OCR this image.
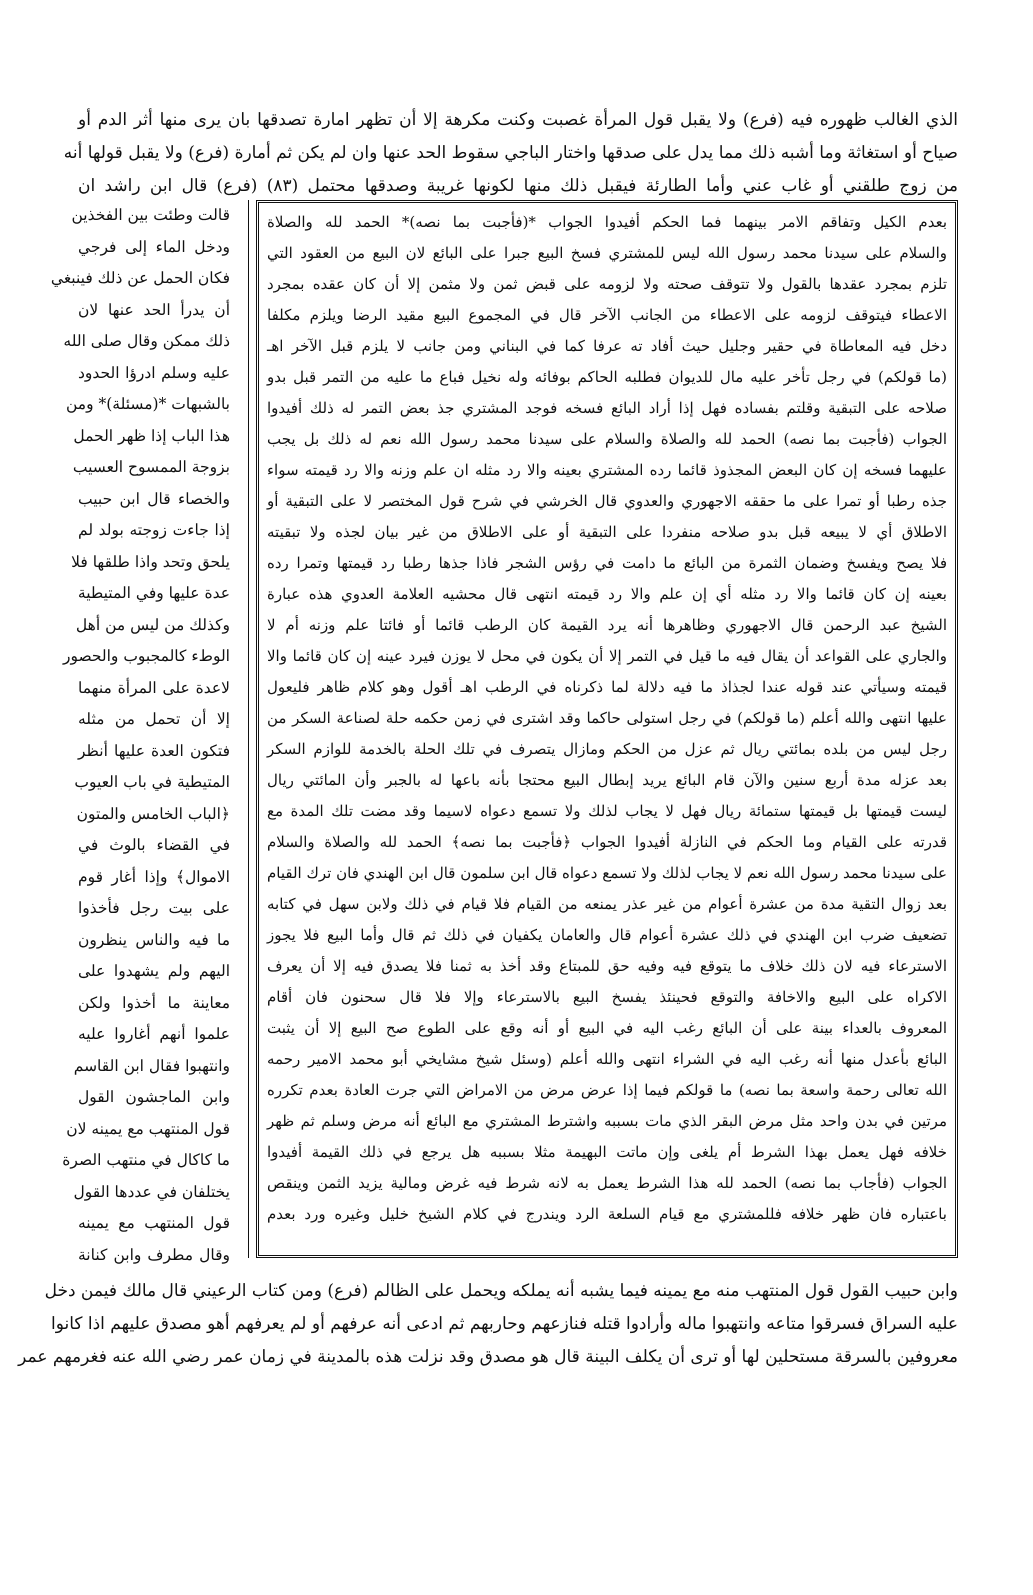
الذي الغالب ظهوره فيه (فرع) ولا يقبل قول المرأة غصبت وكنت مكرهة إلا أن تظهر امارة تصدقها بان يرى منها أثر الدم أو
صياح أو استغاثة وما أشبه ذلك مما يدل على صدقها واختار الباجي سقوط الحد عنها وان لم يكن ثم أمارة (فرع) ولا يقبل قولها أنه
من زوج طلقني أو غاب عني وأما الطارئة فيقبل ذلك منها لكونها غريبة وصدقها محتمل (٨٣) (فرع) قال ابن راشد ان
قالت وطئت بين الفخذين
ودخل الماء إلى فرجي
فكان الحمل عن ذلك فينبغي
أن يدرأ الحد عنها لان
ذلك ممكن وقال صلى الله
عليه وسلم ادرؤا الحدود
بالشبهات *(مسئلة)* ومن
هذا الباب إذا ظهر الحمل
بزوجة الممسوح العسيب
والخصاء قال ابن حبيب
إذا جاءت زوجته بولد لم
يلحق وتحد واذا طلقها فلا
عدة عليها وفي المتيطية
وكذلك من ليس من أهل
الوطء كالمجبوب والحصور
لاعدة على المرأة منهما
إلا أن تحمل من مثله
فتكون العدة عليها أنظر
المتيطية في باب العيوب
﴿الباب الخامس والمتون
في القضاء بالوث في
الاموال﴾ وإذا أغار قوم
على بيت رجل فأخذوا
ما فيه والناس ينظرون
اليهم ولم يشهدوا على
معاينة ما أخذوا ولكن
علموا أنهم أغاروا عليه
وانتهبوا فقال ابن القاسم
وابن الماجشون القول
قول المنتهب مع يمينه لان
ما كاكال في منتهب الصرة
يختلفان في عددها القول
قول المنتهب مع يمينه
وقال مطرف وابن كنانة
بعدم الكيل وتفاقم الامر بينهما فما الحكم أفيدوا الجواب *(فأجبت بما نصه)* الحمد لله والصلاة
والسلام على سيدنا محمد رسول الله ليس للمشتري فسخ البيع جبرا على البائع لان البيع من العقود التي
تلزم بمجرد عقدها بالقول ولا تتوقف صحته ولا لزومه على قبض ثمن ولا مثمن إلا أن كان عقده بمجرد
الاعطاء فيتوقف لزومه على الاعطاء من الجانب الآخر قال في المجموع البيع مقيد الرضا ويلزم مكلفا
دخل فيه المعاطاة في حقير وجليل حيث أفاد ته عرفا كما في البناني ومن جانب لا يلزم قبل الآخر اهـ
(ما قولكم) في رجل تأخر عليه مال للديوان فطلبه الحاكم بوفائه وله نخيل فباع ما عليه من التمر قبل بدو
صلاحه على التبقية وقلتم بفساده فهل إذا أراد البائع فسخه فوجد المشتري جذ بعض التمر له ذلك أفيدوا
الجواب (فأجبت بما نصه) الحمد لله والصلاة والسلام على سيدنا محمد رسول الله نعم له ذلك بل يجب
عليهما فسخه إن كان البعض المجذوذ قائما رده المشتري بعينه والا رد مثله ان علم وزنه والا رد قيمته سواء
جذه رطبا أو تمرا على ما حققه الاجهوري والعدوي قال الخرشي في شرح قول المختصر لا على التبقية أو
الاطلاق أي لا يبيعه قبل بدو صلاحه منفردا على التبقية أو على الاطلاق من غير بيان لجذه ولا تبقيته
فلا يصح ويفسخ وضمان الثمرة من البائع ما دامت في رؤس الشجر فاذا جذها رطبا رد قيمتها وتمرا رده
بعينه إن كان قائما والا رد مثله أي إن علم والا رد قيمته انتهى قال محشيه العلامة العدوي هذه عبارة
الشيخ عبد الرحمن قال الاجهوري وظاهرها أنه يرد القيمة كان الرطب قائما أو فائتا علم وزنه أم لا
والجاري على القواعد أن يقال فيه ما قيل في التمر إلا أن يكون في محل لا يوزن فيرد عينه إن كان قائما والا
قيمته وسيأتي عند قوله عندا لجذاذ ما فيه دلالة لما ذكرناه في الرطب اهـ أقول وهو كلام ظاهر فليعول
عليها انتهى والله أعلم (ما قولكم) في رجل استولى حاكما وقد اشترى في زمن حكمه حلة لصناعة السكر من
رجل ليس من بلده بمائتي ريال ثم عزل من الحكم ومازال يتصرف في تلك الحلة بالخدمة للوازم السكر
بعد عزله مدة أربع سنين والآن قام البائع يريد إبطال البيع محتجا بأنه باعها له بالجبر وأن المائتي ريال
ليست قيمتها بل قيمتها ستمائة ريال فهل لا يجاب لذلك ولا تسمع دعواه لاسيما وقد مضت تلك المدة مع
قدرته على القيام وما الحكم في النازلة أفيدوا الجواب ﴿فأجبت بما نصه﴾ الحمد لله والصلاة والسلام
على سيدنا محمد رسول الله نعم لا يجاب لذلك ولا تسمع دعواه قال ابن سلمون قال ابن الهندي فان ترك القيام
بعد زوال التقية مدة من عشرة أعوام من غير عذر يمنعه من القيام فلا قيام في ذلك ولابن سهل في كتابه
تضعيف ضرب ابن الهندي في ذلك عشرة أعوام قال والعامان يكفيان في ذلك ثم قال وأما البيع فلا يجوز
الاسترعاء فيه لان ذلك خلاف ما يتوقع فيه وفيه حق للمبتاع وقد أخذ به ثمنا فلا يصدق فيه إلا أن يعرف
الاكراه على البيع والاخافة والتوقع فحينئذ يفسخ البيع بالاسترعاء وإلا فلا قال سحنون فان أقام
المعروف بالعداء بينة على أن البائع رغب اليه في البيع أو أنه وقع على الطوع صح البيع إلا أن يثبت
البائع بأعدل منها أنه رغب اليه في الشراء انتهى والله أعلم (وسئل شيخ مشايخي أبو محمد الامير رحمه
الله تعالى رحمة واسعة بما نصه) ما قولكم فيما إذا عرض مرض من الامراض التي جرت العادة بعدم تكرره
مرتين في بدن واحد مثل مرض البقر الذي مات بسببه واشترط المشتري مع البائع أنه مرض وسلم ثم ظهر
خلافه فهل يعمل بهذا الشرط أم يلغى وإن ماتت البهيمة مثلا بسببه هل يرجع في ذلك القيمة أفيدوا
الجواب (فأجاب بما نصه) الحمد لله هذا الشرط يعمل به لانه شرط فيه غرض ومالية يزيد الثمن وينقص
باعتباره فان ظهر خلافه فللمشتري مع قيام السلعة الرد ويندرج في كلام الشيخ خليل وغيره ورد بعدم
وابن حبيب القول قول المنتهب منه مع يمينه فيما يشبه أنه يملكه ويحمل على الظالم (فرع) ومن كتاب الرعيني قال مالك فيمن دخل
عليه السراق فسرقوا متاعه وانتهبوا ماله وأرادوا قتله فنازعهم وحاربهم ثم ادعى أنه عرفهم أو لم يعرفهم أهو مصدق عليهم اذا كانوا
معروفين بالسرقة مستحلين لها أو ترى أن يكلف البينة قال هو مصدق وقد نزلت هذه بالمدينة في زمان عمر رضي الله عنه فغرمهم عمر
